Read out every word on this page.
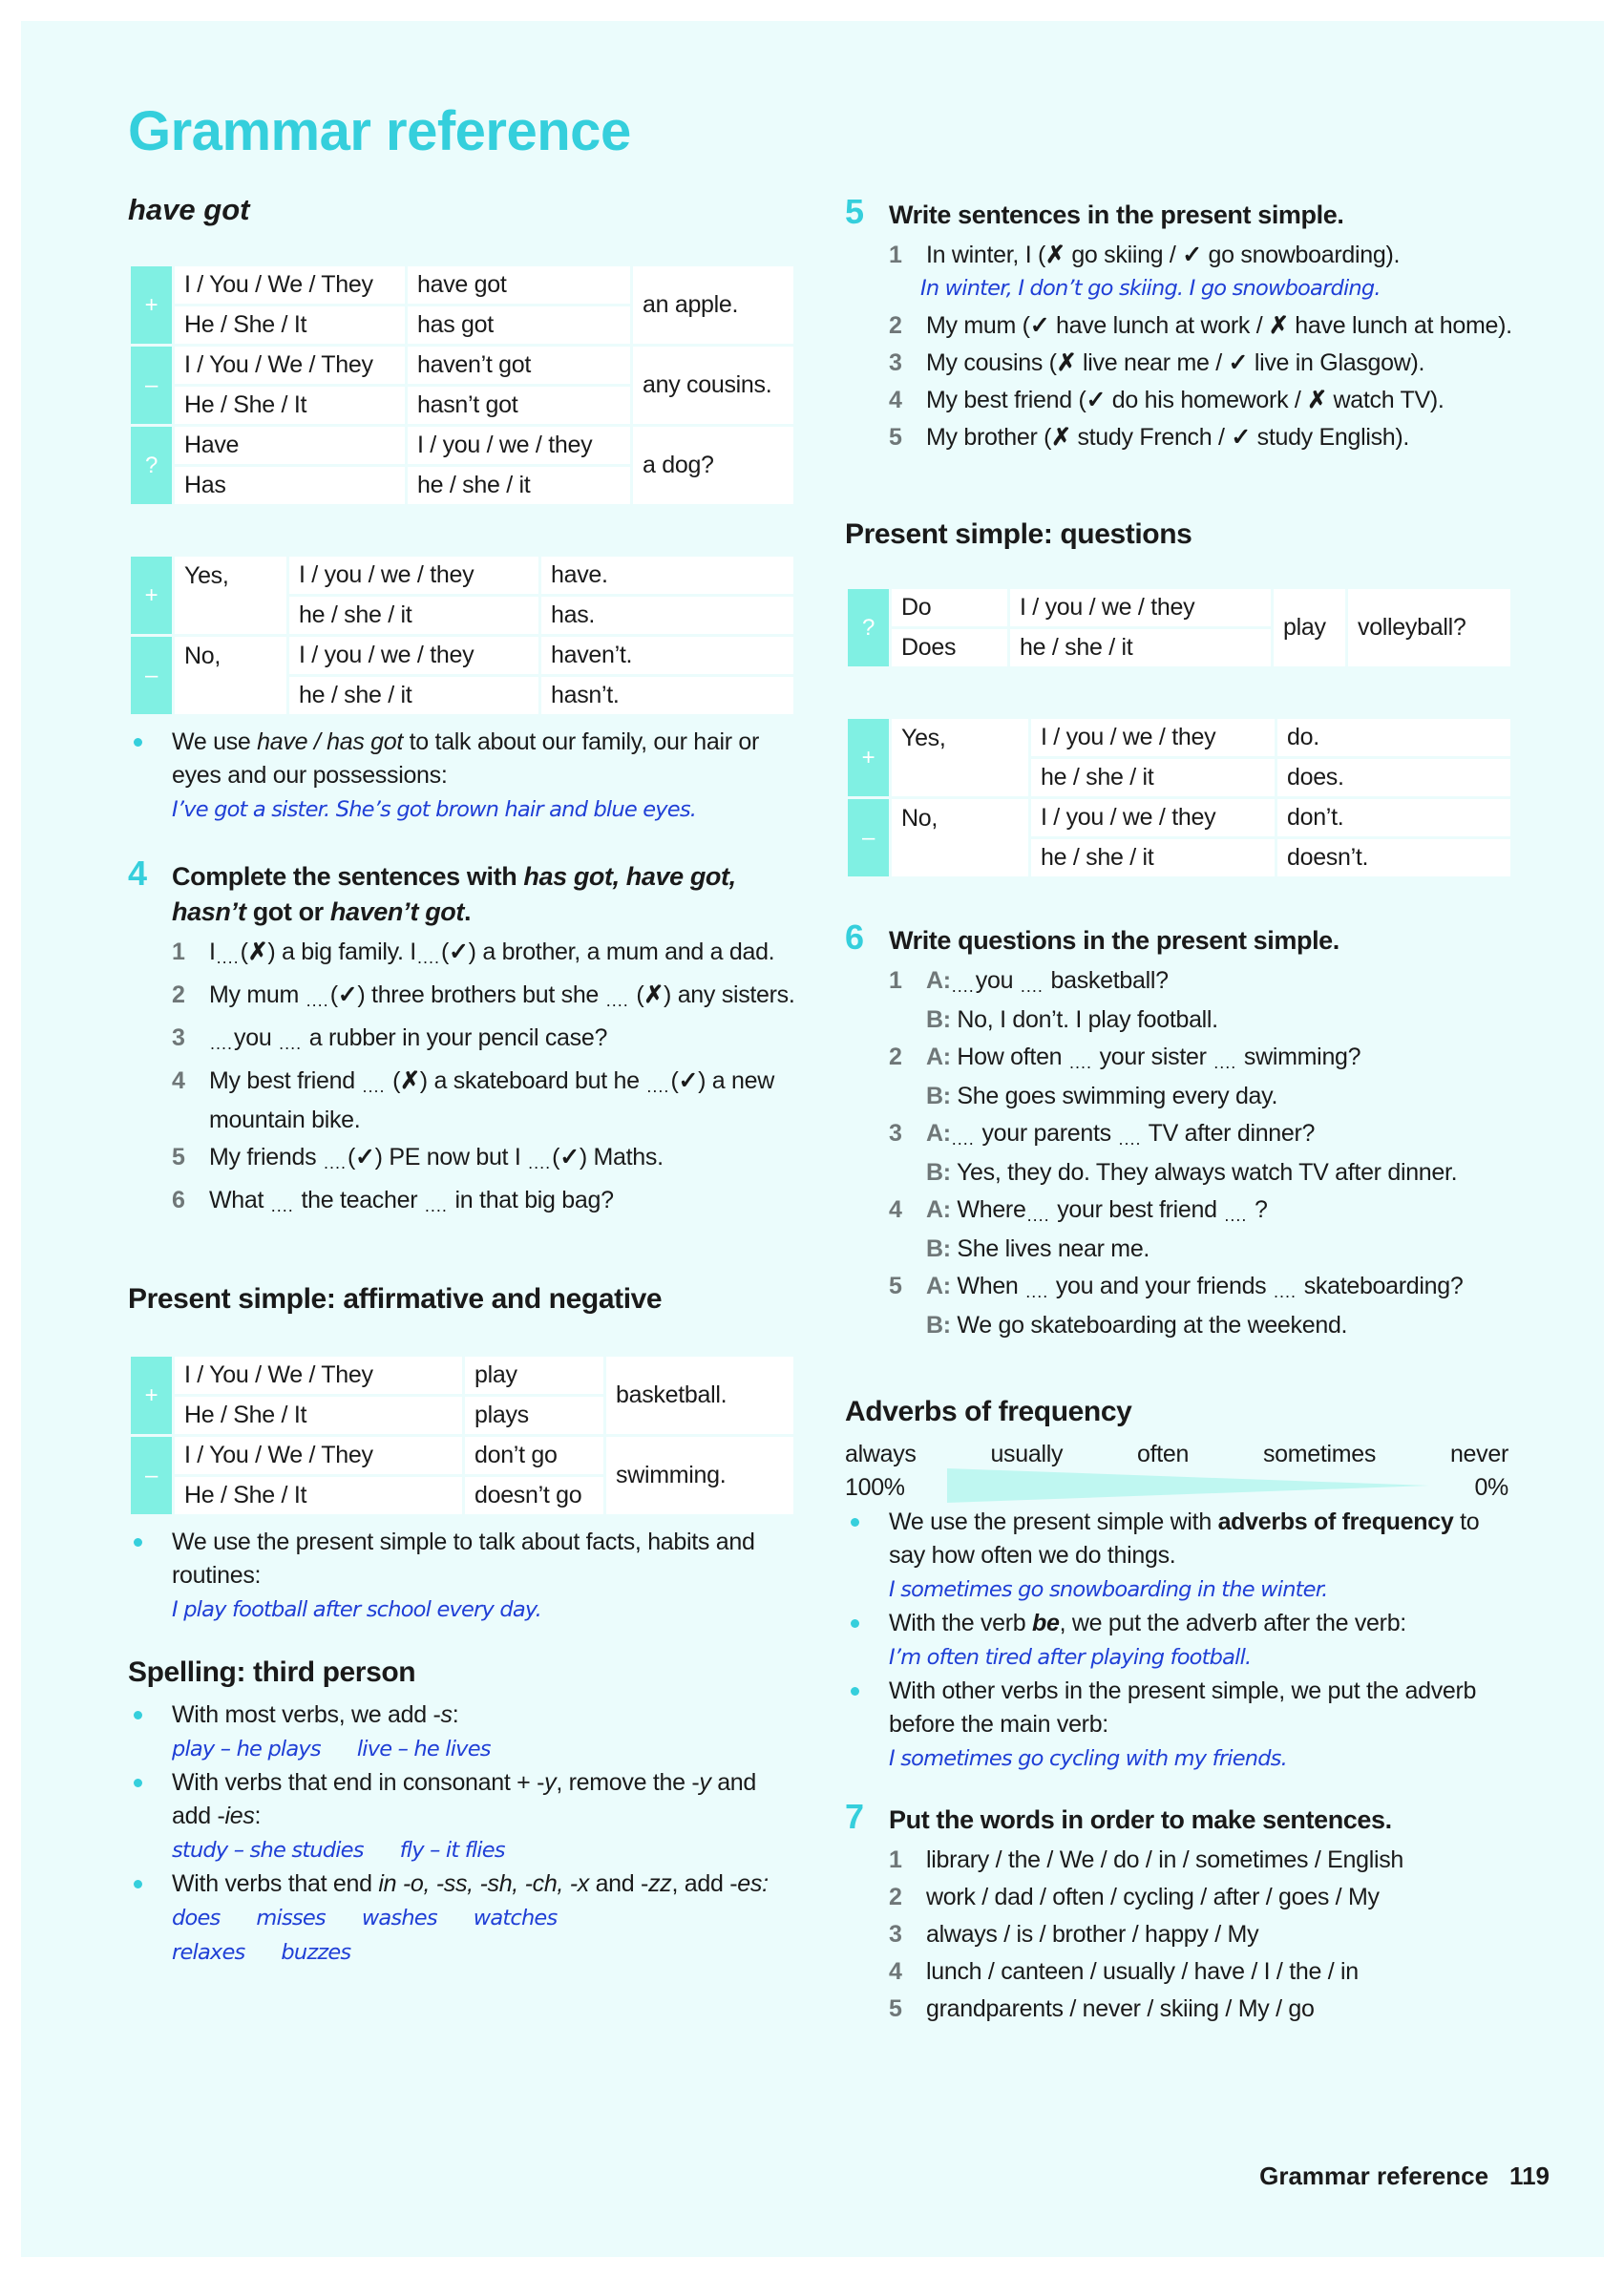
Grammar reference
have got
+	I / You / We / They	have got	an apple.
	He / She / It	has got	
–	I / You / We / They	haven’t got	any cousins.
	He / She / It	hasn’t got	
?	Have	I / you / we / they	a dog?
	Has	he / she / it	
+	Yes,	I / you / we / they	have.
		he / she / it	has.
–	No,	I / you / we / they	haven’t.
		he / she / it	hasn’t.
We use have / has got to talk about our family, our hair or eyes and our possessions:
I’ve got a sister. She’s got brown hair and blue eyes.
4 Complete the sentences with has got, have got, hasn’t got or haven’t got.
1 I....(✗) a big family. I....(✓) a brother, a mum and a dad.
2 My mum ....(✓) three brothers but she .... (✗) any sisters.
3 ....you .... a rubber in your pencil case?
4 My best friend .... (✗) a skateboard but he ....(✓) a new mountain bike.
5 My friends ....(✓) PE now but I ....(✓) Maths.
6 What .... the teacher .... in that big bag?
Present simple: affirmative and negative
+	I / You / We / They	play	basketball.
	He / She / It	plays	
–	I / You / We / They	don’t go	swimming.
	He / She / It	doesn’t go	
We use the present simple to talk about facts, habits and routines:
I play football after school every day.
Spelling: third person
With most verbs, we add -s:
play – he plays live – he lives
With verbs that end in consonant + -y, remove the -y and add -ies:
study – she studies fly – it flies
With verbs that end in -o, -ss, -sh, -ch, -x and -zz, add -es:
does misses washes watches
relaxes buzzes
5 Write sentences in the present simple.
1 In winter, I (✗ go skiing / ✓ go snowboarding).
In winter, I don’t go skiing. I go snowboarding.
2 My mum (✓ have lunch at work / ✗ have lunch at home).
3 My cousins (✗ live near me / ✓ live in Glasgow).
4 My best friend (✓ do his homework / ✗ watch TV).
5 My brother (✗ study French / ✓ study English).
Present simple: questions
?	Do	I / you / we / they	play	volleyball?
	Does	he / she / it		
+	Yes,	I / you / we / they	do.
		he / she / it	does.
–	No,	I / you / we / they	don’t.
		he / she / it	doesn’t.
6 Write questions in the present simple.
1 A:....you .... basketball?
B: No, I don’t. I play football.
2 A: How often .... your sister .... swimming?
B: She goes swimming every day.
3 A:.... your parents .... TV after dinner?
B: Yes, they do. They always watch TV after dinner.
4 A: Where.... your best friend .... ?
B: She lives near me.
5 A: When .... you and your friends .... skateboarding?
B: We go skateboarding at the weekend.
Adverbs of frequency
always	usually	often	sometimes	never
100%	0%
We use the present simple with adverbs of frequency to say how often we do things.
I sometimes go snowboarding in the winter.
With the verb be, we put the adverb after the verb:
I’m often tired after playing football.
With other verbs in the present simple, we put the adverb before the main verb:
I sometimes go cycling with my friends.
7 Put the words in order to make sentences.
1 library / the / We / do / in / sometimes / English
2 work / dad / often / cycling / after / goes / My
3 always / is / brother / happy / My
4 lunch / canteen / usually / have / I / the / in
5 grandparents / never / skiing / My / go
Grammar reference 119
